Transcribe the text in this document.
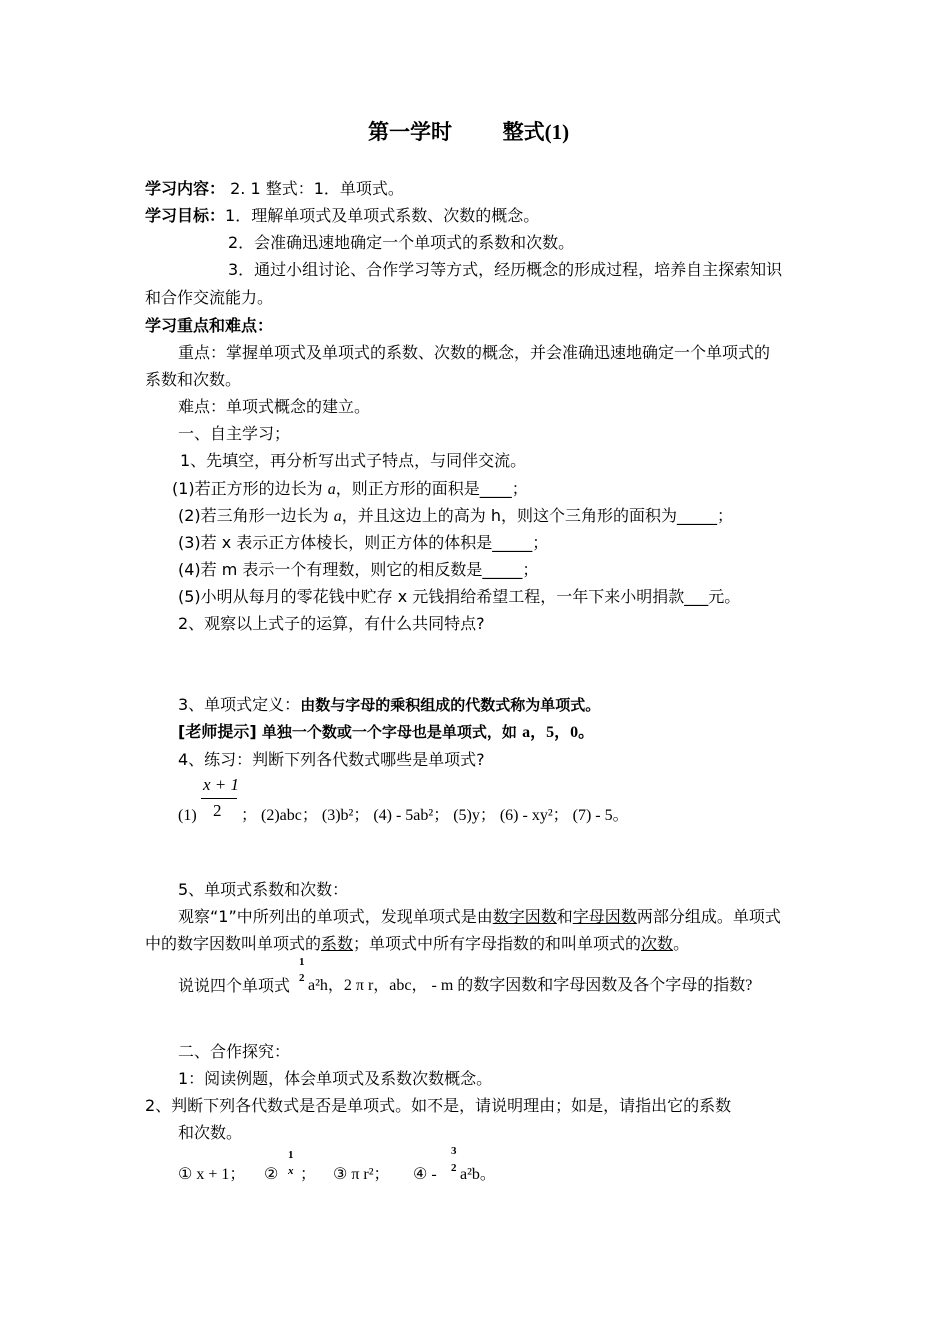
第一学时 整式(1)
学习内容： 2. 1 整式：1．单项式。
学习目标：1．理解单项式及单项式系数、次数的概念。
2．会准确迅速地确定一个单项式的系数和次数。
3．通过小组讨论、合作学习等方式，经历概念的形成过程，培养自主探索知识
和合作交流能力。
学习重点和难点：
重点：掌握单项式及单项式的系数、次数的概念，并会准确迅速地确定一个单项式的
系数和次数。
难点：单项式概念的建立。
一、自主学习；
1、先填空，再分析写出式子特点，与同伴交流。
(1)若正方形的边长为 a，则正方形的面积是____；
(2)若三角形一边长为 a，并且这边上的高为 h，则这个三角形的面积为_____；
(3)若 x 表示正方体棱长，则正方体的体积是_____；
(4)若 m 表示一个有理数，则它的相反数是_____；
(5)小明从每月的零花钱中贮存 x 元钱捐给希望工程，一年下来小明捐款___元。
2、观察以上式子的运算，有什么共同特点?
3、单项式定义：由数与字母的乘积组成的代数式称为单项式。
[老师提示] 单独一个数或一个字母也是单项式，如 a，5，0。
4、练习：判断下列各代数式哪些是单项式?
x + 1
2
(1)	； (2)abc； (3)b²； (4) - 5ab²； (5)y； (6) - xy²； (7) - 5。
5、单项式系数和次数：
观察“1”中所列出的单项式，发现单项式是由数字因数和字母因数两部分组成。单项式
中的数字因数叫单项式的系数；单项式中所有字母指数的和叫单项式的次数。
1
2
说说四个单项式 a²h，2 π r，abc， - m 的数字因数和字母因数及各个字母的指数?
二、合作探究：
1：阅读例题，体会单项式及系数次数概念。
2、判断下列各代数式是否是单项式。如不是，请说明理由；如是，请指出它的系数
和次数。
① x + 1； ②
1
x ； ③ π r²； ④ -
3
2 a²b。
